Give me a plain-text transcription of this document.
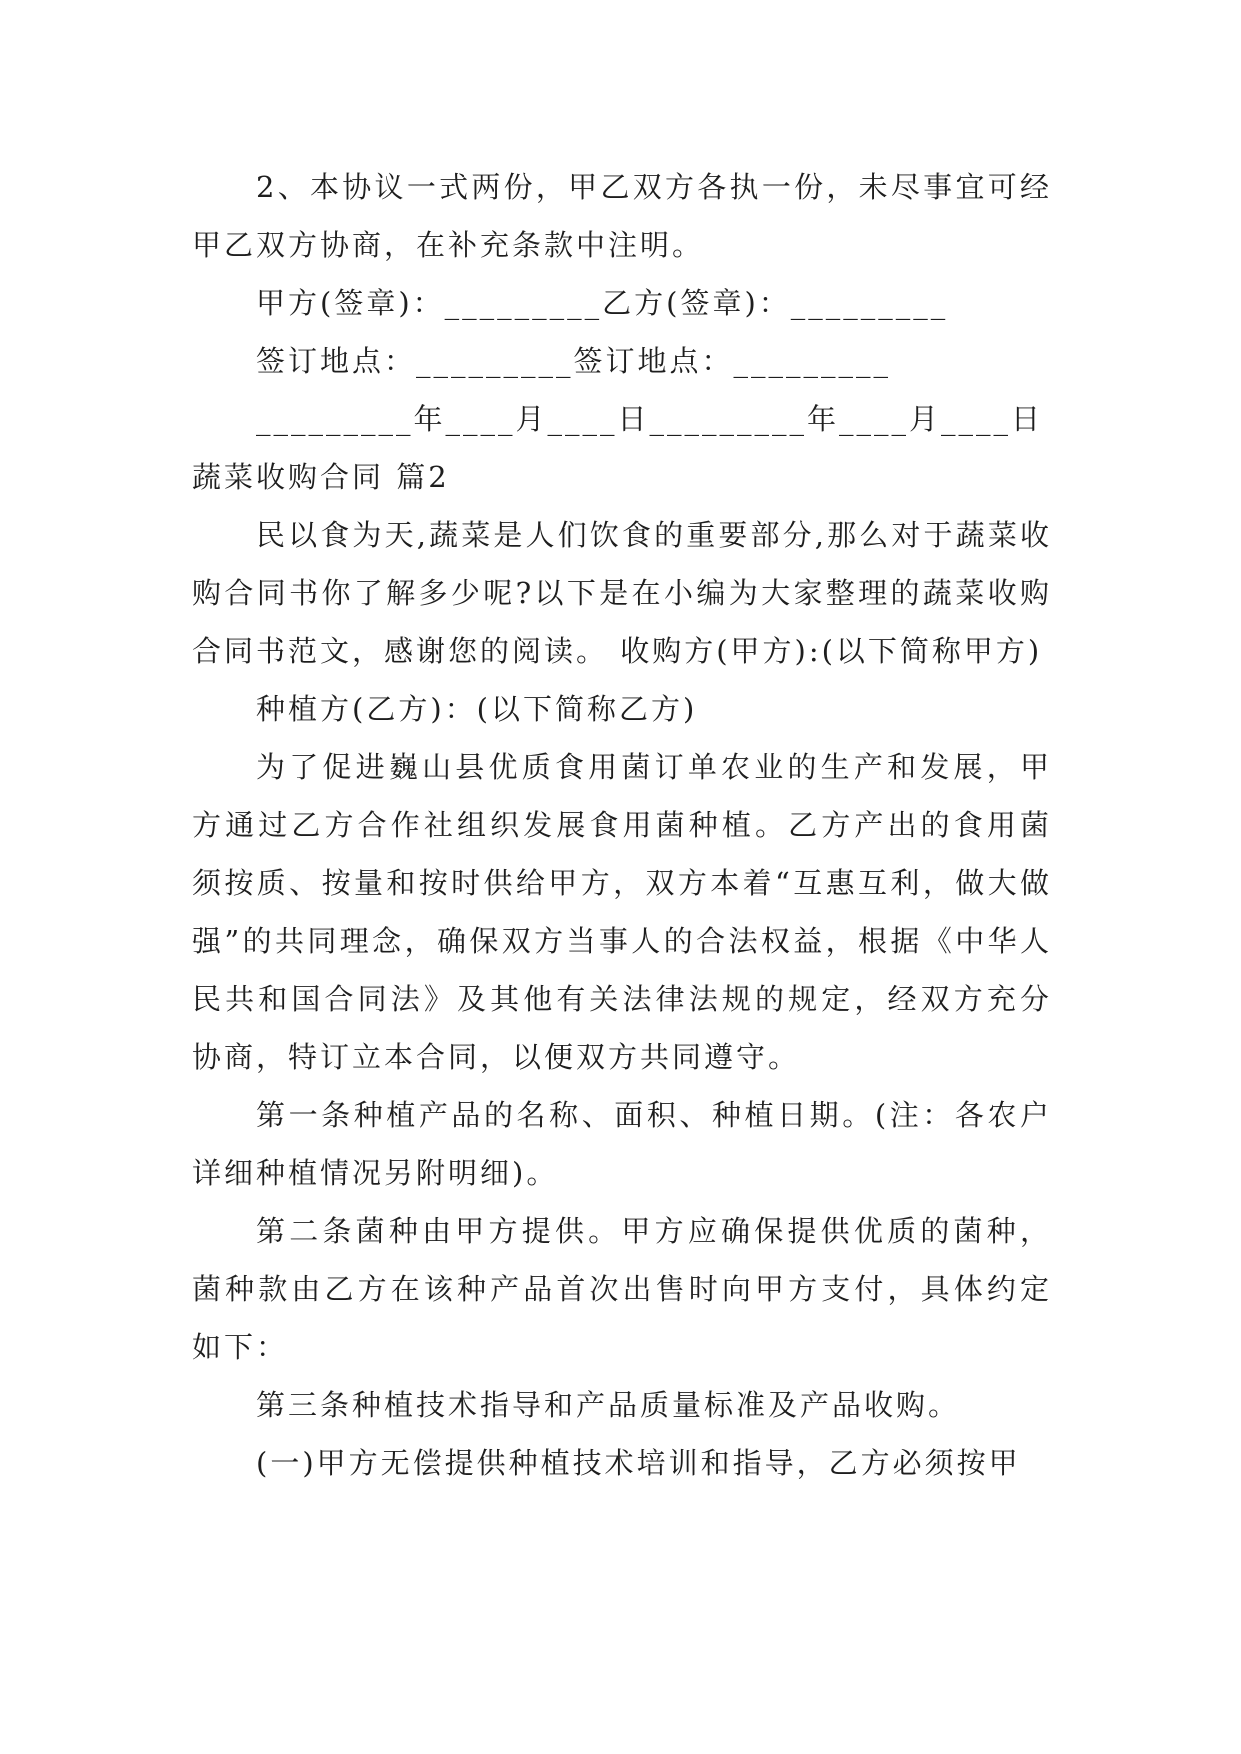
2、本协议一式两份，甲乙双方各执一份，未尽事宜可经甲乙双方协商，在补充条款中注明。

甲方(签章)：_________乙方(签章)：_________

签订地点：_________签订地点：_________

_________年____月____日_________年____月____日

蔬菜收购合同 篇2

民以食为天,蔬菜是人们饮食的重要部分,那么对于蔬菜收购合同书你了解多少呢?以下是在小编为大家整理的蔬菜收购合同书范文，感谢您的阅读。 收购方(甲方):(以下简称甲方)

种植方(乙方)：(以下简称乙方)

为了促进巍山县优质食用菌订单农业的生产和发展，甲方通过乙方合作社组织发展食用菌种植。乙方产出的食用菌须按质、按量和按时供给甲方，双方本着“互惠互利，做大做强”的共同理念，确保双方当事人的合法权益，根据《中华人民共和国合同法》及其他有关法律法规的规定，经双方充分协商，特订立本合同，以便双方共同遵守。

第一条种植产品的名称、面积、种植日期。(注：各农户详细种植情况另附明细)。

第二条菌种由甲方提供。甲方应确保提供优质的菌种，菌种款由乙方在该种产品首次出售时向甲方支付，具体约定如下：

第三条种植技术指导和产品质量标准及产品收购。

(一)甲方无偿提供种植技术培训和指导，乙方必须按甲
